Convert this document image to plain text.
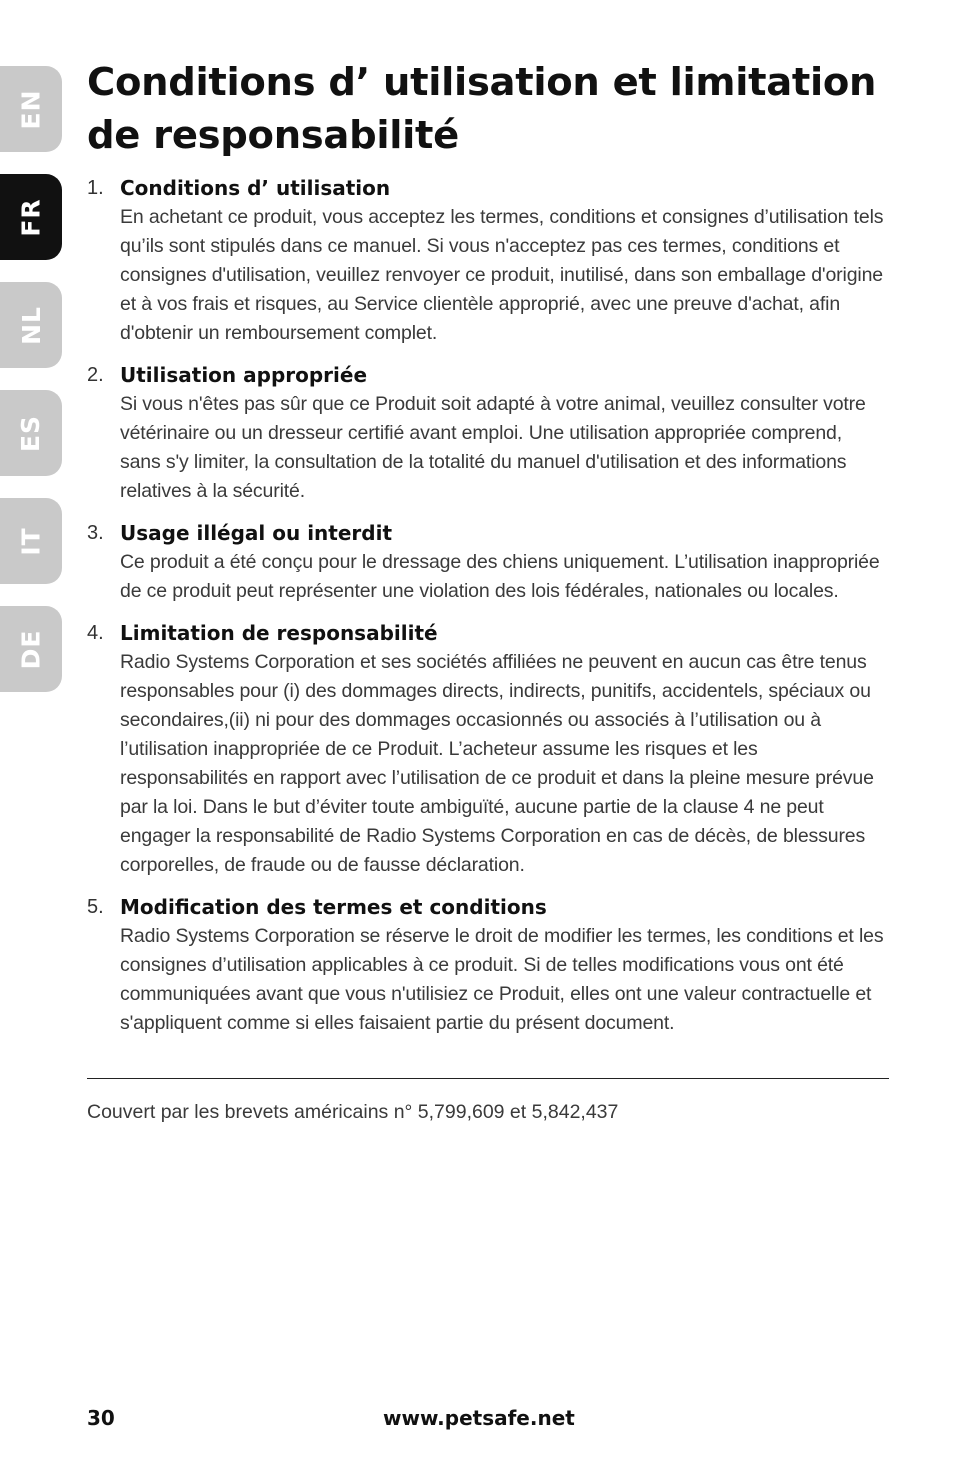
EN
FR
NL
ES
IT
DE
Conditions d’ utilisation et limitation de responsabilité
1. Conditions d’ utilisation
En achetant ce produit, vous acceptez les termes, conditions et consignes d’utilisation tels qu’ils sont stipulés dans ce manuel. Si vous n'acceptez pas ces termes, conditions et consignes d'utilisation, veuillez renvoyer ce produit, inutilisé, dans son emballage d'origine et à vos frais et risques, au Service clientèle approprié, avec une preuve d'achat, afin d'obtenir un remboursement complet.
2. Utilisation appropriée
Si vous n'êtes pas sûr que ce Produit soit adapté à votre animal, veuillez consulter votre vétérinaire ou un dresseur certifié avant emploi. Une utilisation appropriée comprend, sans s'y limiter, la consultation de la totalité du manuel d'utilisation et des informations relatives à la sécurité.
3. Usage illégal ou interdit
Ce produit a été conçu pour le dressage des chiens uniquement. L’utilisation inappropriée de ce produit peut représenter une violation des lois fédérales, nationales ou locales.
4. Limitation de responsabilité
Radio Systems Corporation et ses sociétés affiliées ne peuvent en aucun cas être tenus responsables pour (i) des dommages directs, indirects, punitifs, accidentels, spéciaux ou secondaires,(ii) ni pour des dommages occasionnés ou associés à l’utilisation ou à l’utilisation inappropriée de ce Produit. L’acheteur assume les risques et les responsabilités en rapport avec l’utilisation de ce produit et dans la pleine mesure prévue par la loi. Dans le but d’éviter toute ambiguïté, aucune partie de la clause 4 ne peut engager la responsabilité de Radio Systems Corporation en cas de décès, de blessures corporelles, de fraude ou de fausse déclaration.
5. Modification des termes et conditions
Radio Systems Corporation se réserve le droit de modifier les termes, les conditions et les consignes d’utilisation applicables à ce produit. Si de telles modifications vous ont été communiquées avant que vous n'utilisiez ce Produit, elles ont une valeur contractuelle et s'appliquent comme si elles faisaient partie du présent document.
Couvert par les brevets américains n° 5,799,609 et 5,842,437
30	www.petsafe.net
